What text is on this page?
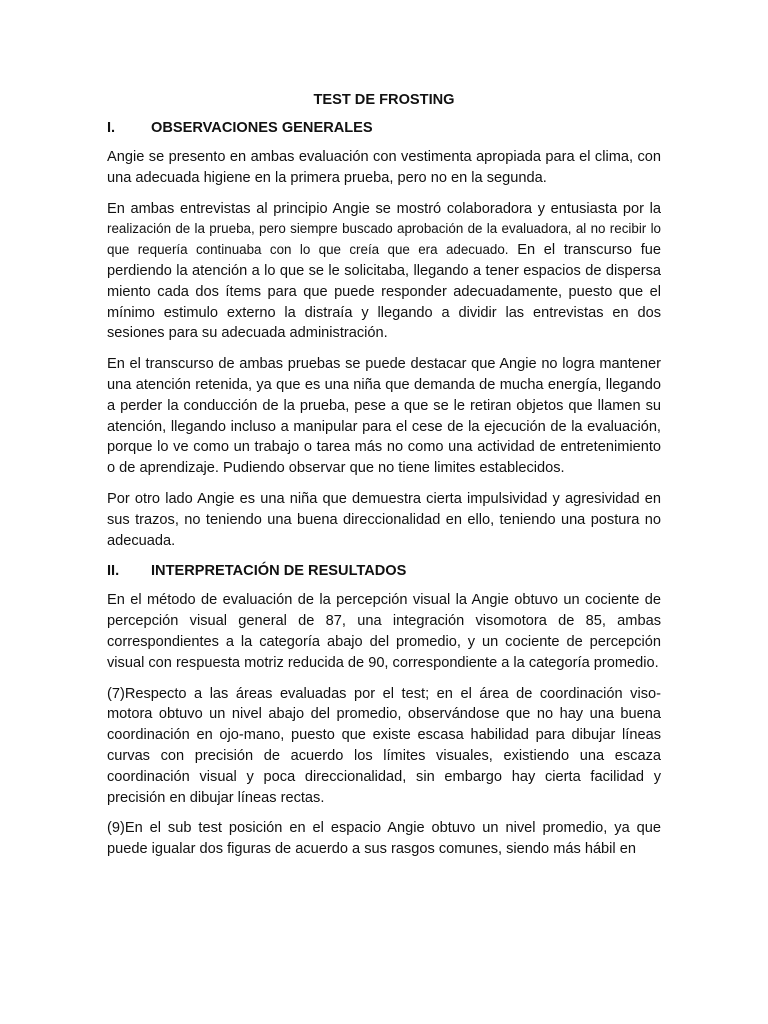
TEST DE FROSTING
I.	OBSERVACIONES GENERALES

Angie se presento en ambas evaluación con vestimenta apropiada para el clima, con una adecuada higiene en la primera prueba, pero no en la segunda.

En ambas entrevistas al principio Angie se mostró colaboradora y entusiasta por la realización de la prueba, pero siempre buscado aprobación de la evaluadora, al no recibir lo que requería continuaba con lo que creía que era adecuado. En el transcurso fue perdiendo la atención a lo que se le solicitaba, llegando a tener espacios de dispersa miento cada dos ítems para que puede responder adecuadamente, puesto que el mínimo estimulo externo la distraía y llegando a dividir las entrevistas en dos sesiones para su adecuada administración.

En el transcurso de ambas pruebas se puede destacar que Angie no logra mantener una atención retenida, ya que es una niña que demanda de mucha energía, llegando a perder la conducción de la prueba, pese a que se le retiran objetos que llamen su atención, llegando incluso a manipular para el cese de la ejecución de la evaluación, porque lo ve como un trabajo o tarea más no como una actividad de entretenimiento o de aprendizaje. Pudiendo observar que no tiene limites establecidos.

Por otro lado Angie es una niña que demuestra cierta impulsividad y agresividad en sus trazos, no teniendo una buena direccionalidad en ello, teniendo una postura no adecuada.

II.	INTERPRETACIÓN DE RESULTADOS

En el método de evaluación de la percepción visual la Angie obtuvo un cociente de percepción visual general de 87, una integración visomotora de 85, ambas correspondientes a la categoría abajo del promedio, y un cociente de percepción visual con respuesta motriz reducida de 90, correspondiente a la categoría promedio.

(7)Respecto a las áreas evaluadas por el test; en el área de coordinación viso-motora obtuvo un nivel abajo del promedio, observándose que no hay una buena coordinación en ojo-mano, puesto que existe escasa habilidad para dibujar líneas curvas con precisión de acuerdo los límites visuales, existiendo una escaza coordinación visual y poca direccionalidad, sin embargo hay cierta facilidad y precisión en dibujar líneas rectas.

(9)En el sub test posición en el espacio Angie obtuvo un nivel promedio, ya que puede igualar dos figuras de acuerdo a sus rasgos comunes, siendo más hábil en
